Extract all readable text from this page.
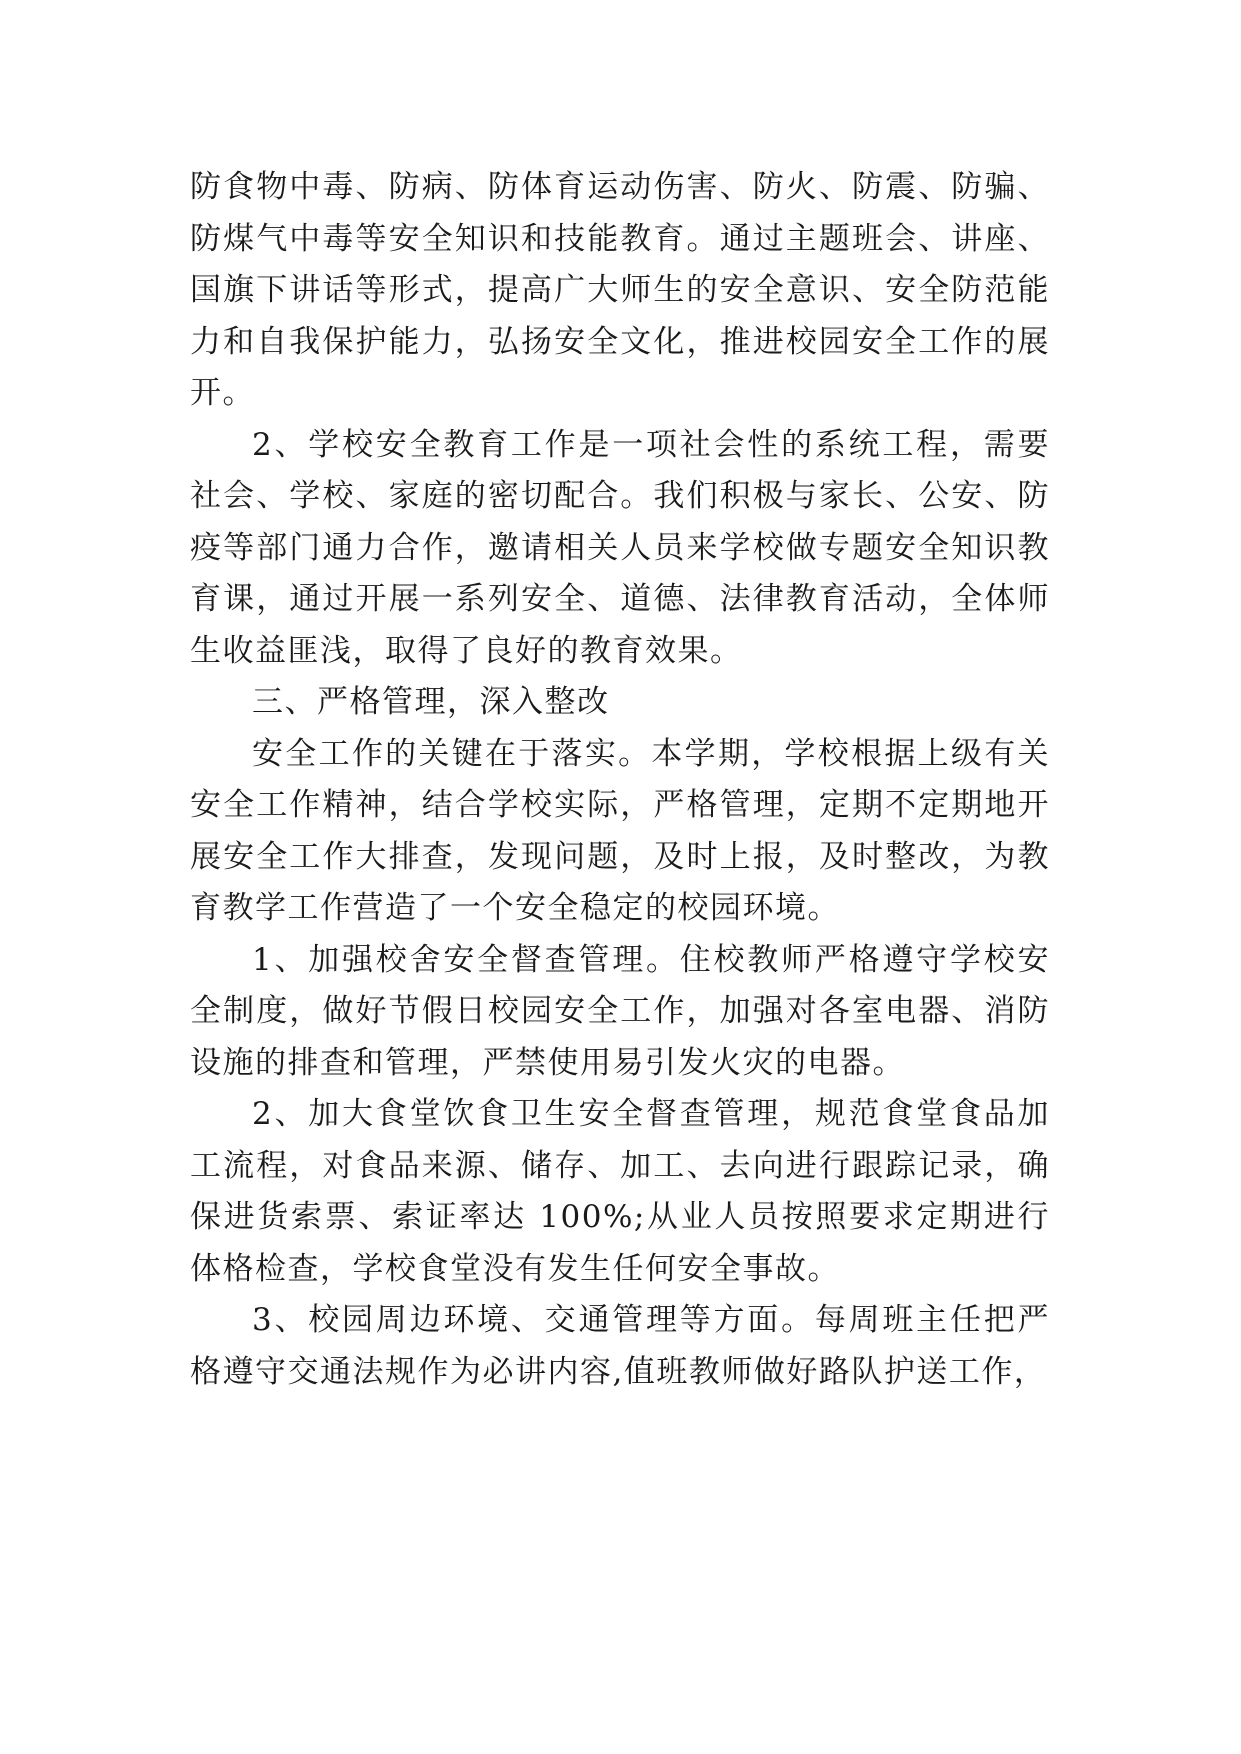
防食物中毒、防病、防体育运动伤害、防火、防震、防骗、防煤气中毒等安全知识和技能教育。通过主题班会、讲座、国旗下讲话等形式，提高广大师生的安全意识、安全防范能力和自我保护能力，弘扬安全文化，推进校园安全工作的展开。

2、学校安全教育工作是一项社会性的系统工程，需要社会、学校、家庭的密切配合。我们积极与家长、公安、防疫等部门通力合作，邀请相关人员来学校做专题安全知识教育课，通过开展一系列安全、道德、法律教育活动，全体师生收益匪浅，取得了良好的教育效果。

三、严格管理，深入整改

安全工作的关键在于落实。本学期，学校根据上级有关安全工作精神，结合学校实际，严格管理，定期不定期地开展安全工作大排查，发现问题，及时上报，及时整改，为教育教学工作营造了一个安全稳定的校园环境。

1、加强校舍安全督查管理。住校教师严格遵守学校安全制度，做好节假日校园安全工作，加强对各室电器、消防设施的排查和管理，严禁使用易引发火灾的电器。

2、加大食堂饮食卫生安全督查管理，规范食堂食品加工流程，对食品来源、储存、加工、去向进行跟踪记录，确保进货索票、索证率达 100%;从业人员按照要求定期进行体格检查，学校食堂没有发生任何安全事故。

3、校园周边环境、交通管理等方面。每周班主任把严格遵守交通法规作为必讲内容,值班教师做好路队护送工作，
